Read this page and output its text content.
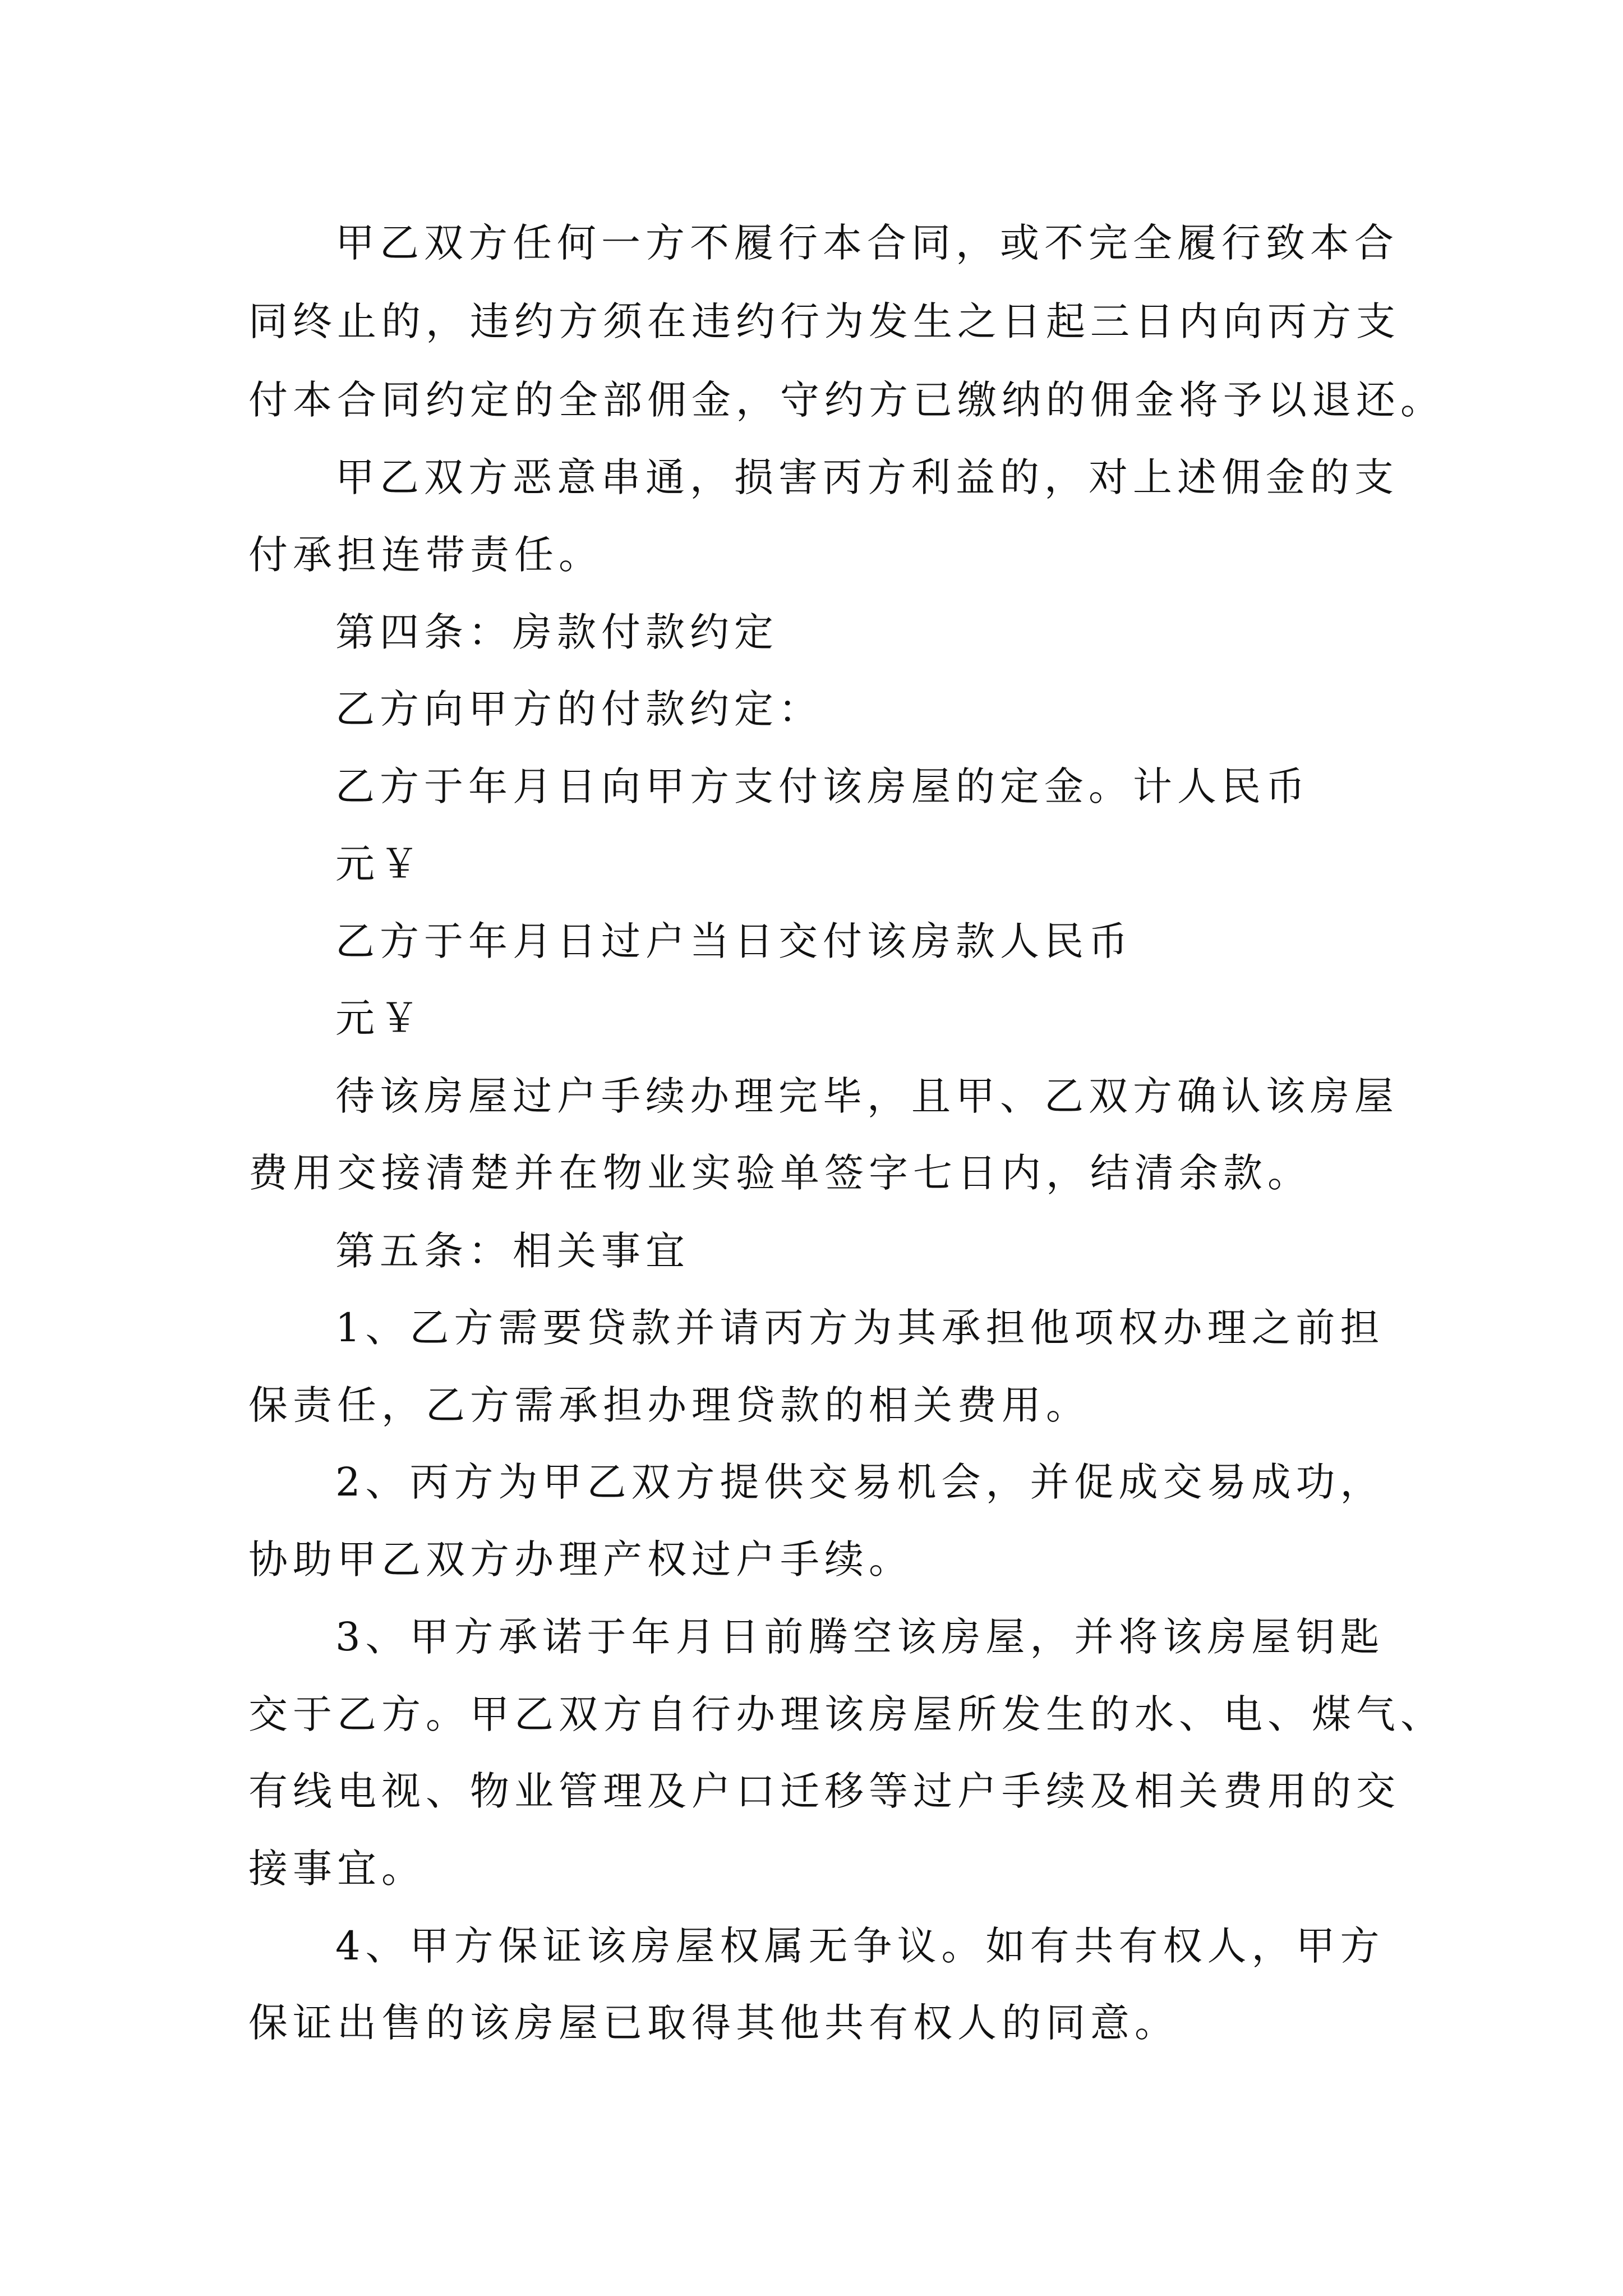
甲乙双方任何一方不履行本合同，或不完全履行致本合
同终止的，违约方须在违约行为发生之日起三日内向丙方支
付本合同约定的全部佣金，守约方已缴纳的佣金将予以退还。
甲乙双方恶意串通，损害丙方利益的，对上述佣金的支
付承担连带责任。
第四条：房款付款约定
乙方向甲方的付款约定：
乙方于年月日向甲方支付该房屋的定金。计人民币
元￥
乙方于年月日过户当日交付该房款人民币
元￥
待该房屋过户手续办理完毕，且甲、乙双方确认该房屋
费用交接清楚并在物业实验单签字七日内，结清余款。
第五条：相关事宜
1、乙方需要贷款并请丙方为其承担他项权办理之前担
保责任，乙方需承担办理贷款的相关费用。
2、丙方为甲乙双方提供交易机会，并促成交易成功，
协助甲乙双方办理产权过户手续。
3、甲方承诺于年月日前腾空该房屋，并将该房屋钥匙
交于乙方。甲乙双方自行办理该房屋所发生的水、电、煤气、
有线电视、物业管理及户口迁移等过户手续及相关费用的交
接事宜。
4、甲方保证该房屋权属无争议。如有共有权人，甲方
保证出售的该房屋已取得其他共有权人的同意。
